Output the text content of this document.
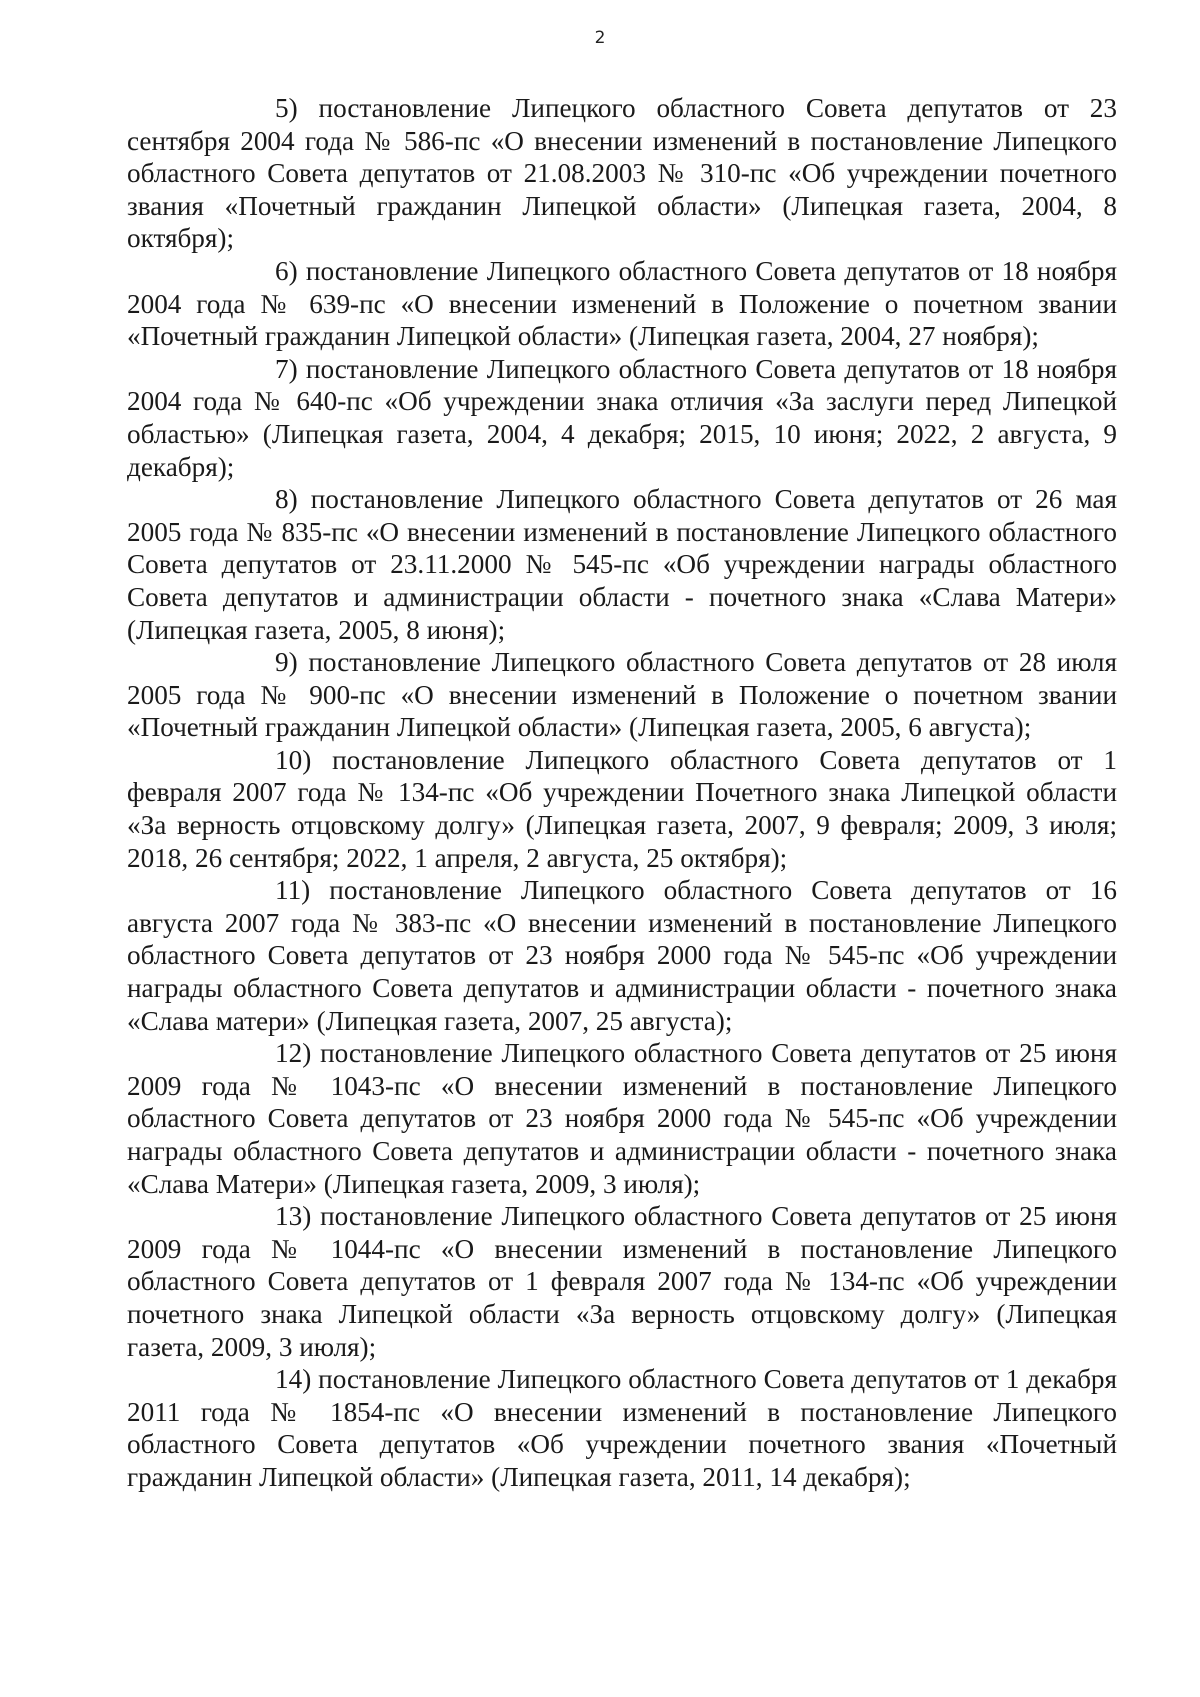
2

5) постановление Липецкого областного Совета депутатов от 23 сентября 2004 года № 586-пс «О внесении изменений в постановление Липецкого областного Совета депутатов от 21.08.2003 № 310-пс «Об учреждении почетного звания «Почетный гражданин Липецкой области» (Липецкая газета, 2004, 8 октября);

6) постановление Липецкого областного Совета депутатов от 18 ноября 2004 года № 639-пс «О внесении изменений в Положение о почетном звании «Почетный гражданин Липецкой области» (Липецкая газета, 2004, 27 ноября);

7) постановление Липецкого областного Совета депутатов от 18 ноября 2004 года № 640-пс «Об учреждении знака отличия «За заслуги перед Липецкой областью» (Липецкая газета, 2004, 4 декабря; 2015, 10 июня; 2022, 2 августа, 9 декабря);

8) постановление Липецкого областного Совета депутатов от 26 мая 2005 года № 835-пс «О внесении изменений в постановление Липецкого областного Совета депутатов от 23.11.2000 № 545-пс «Об учреждении награды областного Совета депутатов и администрации области - почетного знака «Слава Матери» (Липецкая газета, 2005, 8 июня);

9) постановление Липецкого областного Совета депутатов от 28 июля 2005 года № 900-пс «О внесении изменений в Положение о почетном звании «Почетный гражданин Липецкой области» (Липецкая газета, 2005, 6 августа);

10) постановление Липецкого областного Совета депутатов от 1 февраля 2007 года № 134-пс «Об учреждении Почетного знака Липецкой области «За верность отцовскому долгу» (Липецкая газета, 2007, 9 февраля; 2009, 3 июля; 2018, 26 сентября; 2022, 1 апреля, 2 августа, 25 октября);

11) постановление Липецкого областного Совета депутатов от 16 августа 2007 года № 383-пс «О внесении изменений в постановление Липецкого областного Совета депутатов от 23 ноября 2000 года № 545-пс «Об учреждении награды областного Совета депутатов и администрации области - почетного знака «Слава матери» (Липецкая газета, 2007, 25 августа);

12) постановление Липецкого областного Совета депутатов от 25 июня 2009 года № 1043-пс «О внесении изменений в постановление Липецкого областного Совета депутатов от 23 ноября 2000 года № 545-пс «Об учреждении награды областного Совета депутатов и администрации области - почетного знака «Слава Матери» (Липецкая газета, 2009, 3 июля);

13) постановление Липецкого областного Совета депутатов от 25 июня 2009 года № 1044-пс «О внесении изменений в постановление Липецкого областного Совета депутатов от 1 февраля 2007 года № 134-пс «Об учреждении почетного знака Липецкой области «За верность отцовскому долгу» (Липецкая газета, 2009, 3 июля);

14) постановление Липецкого областного Совета депутатов от 1 декабря 2011 года № 1854-пс «О внесении изменений в постановление Липецкого областного Совета депутатов «Об учреждении почетного звания «Почетный гражданин Липецкой области» (Липецкая газета, 2011, 14 декабря);
